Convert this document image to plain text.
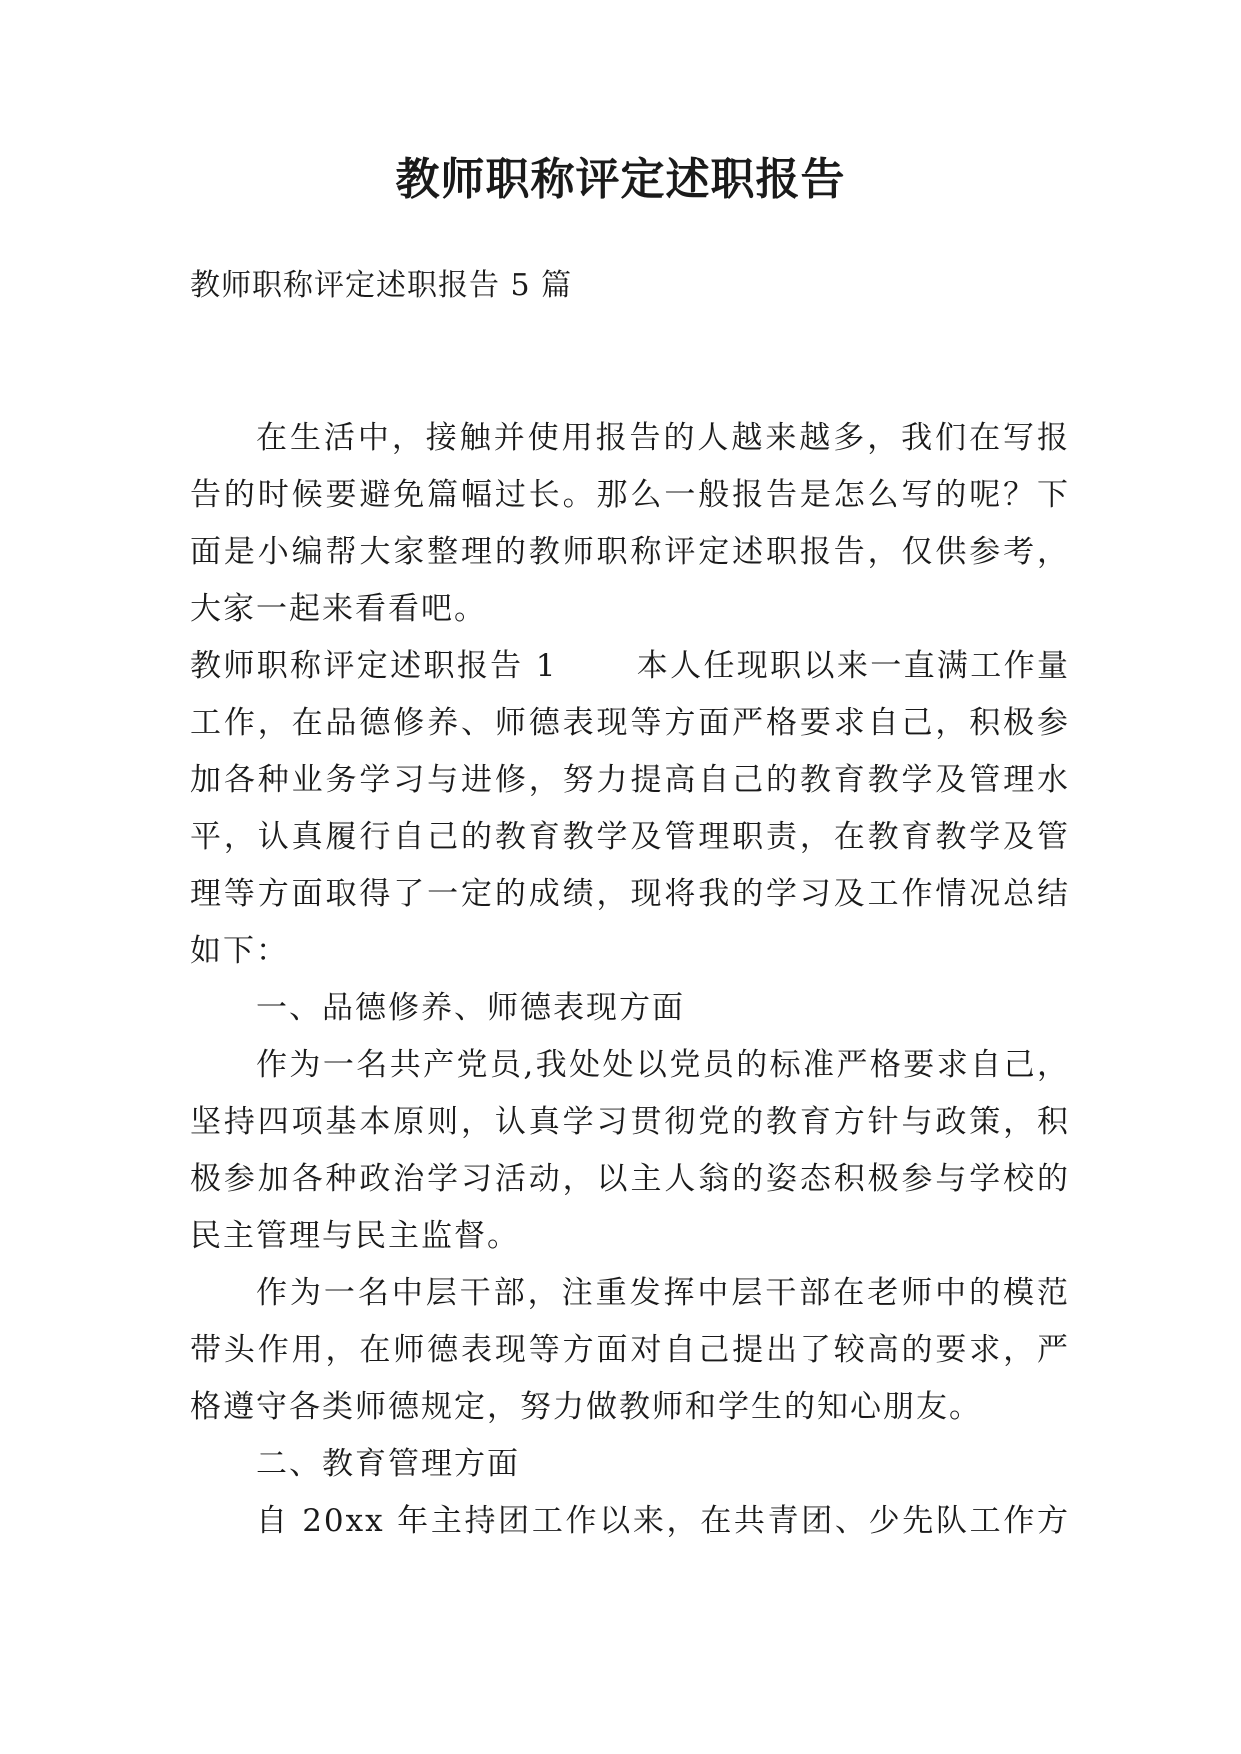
教师职称评定述职报告

教师职称评定述职报告 5 篇

在生活中，接触并使用报告的人越来越多，我们在写报
告的时候要避免篇幅过长。那么一般报告是怎么写的呢？下
面是小编帮大家整理的教师职称评定述职报告，仅供参考，
大家一起来看看吧。
教师职称评定述职报告 1　　 本人任现职以来一直满工作量
工作，在品德修养、师德表现等方面严格要求自己，积极参
加各种业务学习与进修，努力提高自己的教育教学及管理水
平，认真履行自己的教育教学及管理职责，在教育教学及管
理等方面取得了一定的成绩，现将我的学习及工作情况总结
如下：
一、品德修养、师德表现方面
作为一名共产党员,我处处以党员的标准严格要求自己，
坚持四项基本原则，认真学习贯彻党的教育方针与政策，积
极参加各种政治学习活动，以主人翁的姿态积极参与学校的
民主管理与民主监督。
作为一名中层干部，注重发挥中层干部在老师中的模范
带头作用，在师德表现等方面对自己提出了较高的要求，严
格遵守各类师德规定，努力做教师和学生的知心朋友。
二、教育管理方面
自 20xx 年主持团工作以来，在共青团、少先队工作方
